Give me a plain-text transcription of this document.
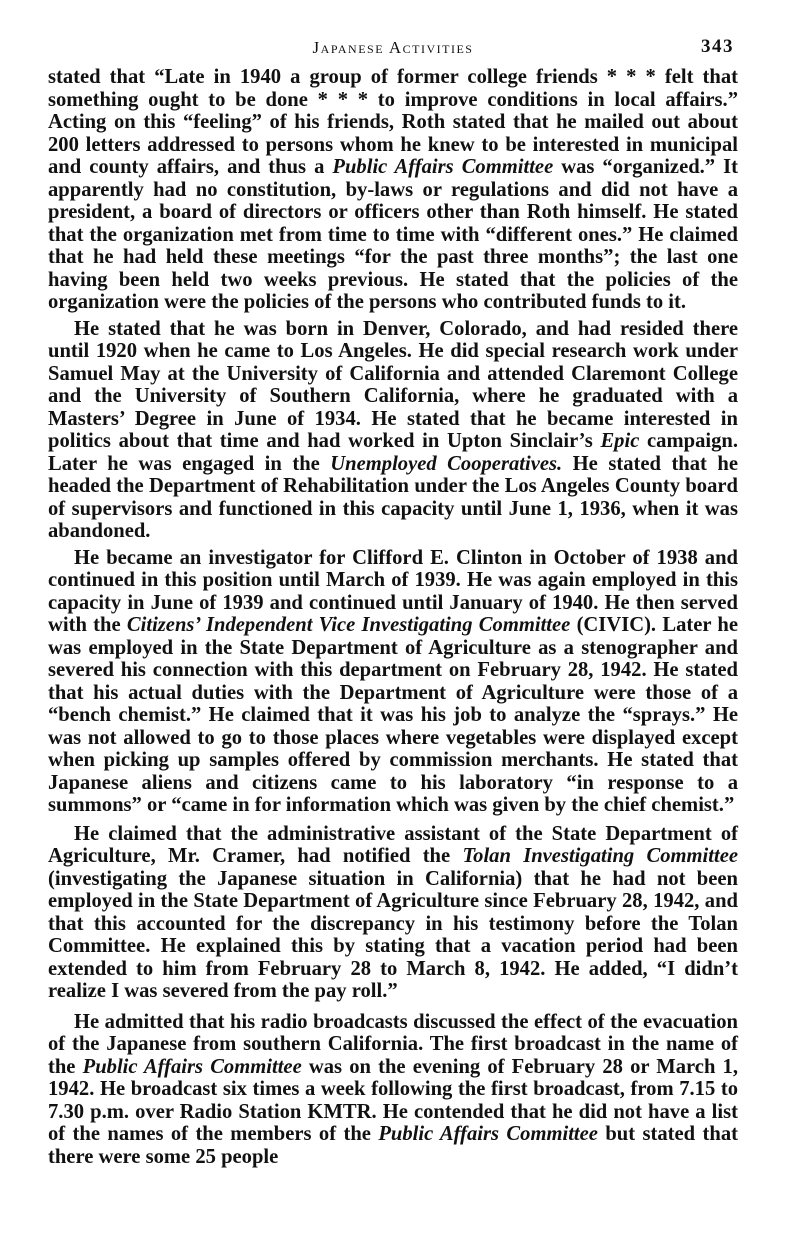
Japanese Activities	343

stated that “Late in 1940 a group of former college friends * * * felt that something ought to be done * * * to improve conditions in local affairs.” Acting on this “feeling” of his friends, Roth stated that he mailed out about 200 letters addressed to persons whom he knew to be interested in municipal and county affairs, and thus a Public Affairs Committee was “organized.” It apparently had no constitution, by-laws or regulations and did not have a president, a board of directors or officers other than Roth himself. He stated that the organization met from time to time with “different ones.” He claimed that he had held these meetings “for the past three months”; the last one having been held two weeks previous. He stated that the policies of the organization were the policies of the persons who contributed funds to it.

He stated that he was born in Denver, Colorado, and had resided there until 1920 when he came to Los Angeles. He did special research work under Samuel May at the University of California and attended Claremont College and the University of Southern California, where he graduated with a Masters’ Degree in June of 1934. He stated that he became interested in politics about that time and had worked in Upton Sinclair’s Epic campaign. Later he was engaged in the Unemployed Cooperatives. He stated that he headed the Department of Rehabilitation under the Los Angeles County board of supervisors and functioned in this capacity until June 1, 1936, when it was abandoned.

He became an investigator for Clifford E. Clinton in October of 1938 and continued in this position until March of 1939. He was again employed in this capacity in June of 1939 and continued until January of 1940. He then served with the Citizens’ Independent Vice Investigating Committee (CIVIC). Later he was employed in the State Department of Agriculture as a stenographer and severed his connection with this department on February 28, 1942. He stated that his actual duties with the Department of Agriculture were those of a “bench chemist.” He claimed that it was his job to analyze the “sprays.” He was not allowed to go to those places where vegetables were displayed except when picking up samples offered by commission merchants. He stated that Japanese aliens and citizens came to his laboratory “in response to a summons” or “came in for information which was given by the chief chemist.”

He claimed that the administrative assistant of the State Department of Agriculture, Mr. Cramer, had notified the Tolan Investigating Committee (investigating the Japanese situation in California) that he had not been employed in the State Department of Agriculture since February 28, 1942, and that this accounted for the discrepancy in his testimony before the Tolan Committee. He explained this by stating that a vacation period had been extended to him from February 28 to March 8, 1942. He added, “I didn’t realize I was severed from the pay roll.”

He admitted that his radio broadcasts discussed the effect of the evacuation of the Japanese from southern California. The first broadcast in the name of the Public Affairs Committee was on the evening of February 28 or March 1, 1942. He broadcast six times a week following the first broadcast, from 7.15 to 7.30 p.m. over Radio Station KMTR. He contended that he did not have a list of the names of the members of the Public Affairs Committee but stated that there were some 25 people
